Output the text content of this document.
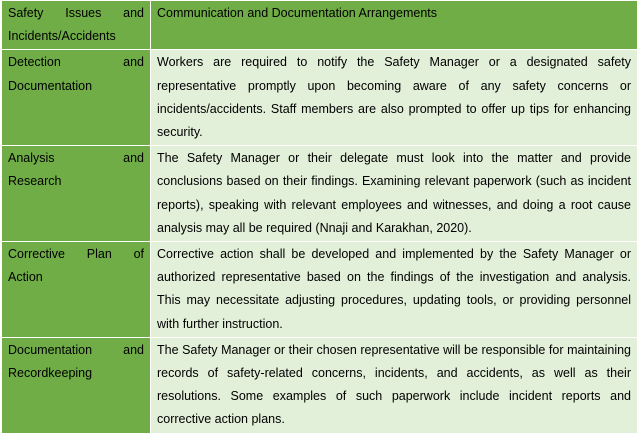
Safety Issues and
Incidents/Accidents	Communication and Documentation Arrangements

Detection and
Documentation	Workers are required to notify the Safety Manager or a designated safety representative promptly upon becoming aware of any safety concerns or incidents/accidents. Staff members are also prompted to offer up tips for enhancing security.

Analysis and
Research	The Safety Manager or their delegate must look into the matter and provide conclusions based on their findings. Examining relevant paperwork (such as incident reports), speaking with relevant employees and witnesses, and doing a root cause analysis may all be required (Nnaji and Karakhan, 2020).

Corrective Plan of
Action	Corrective action shall be developed and implemented by the Safety Manager or authorized representative based on the findings of the investigation and analysis. This may necessitate adjusting procedures, updating tools, or providing personnel with further instruction.

Documentation and
Recordkeeping	The Safety Manager or their chosen representative will be responsible for maintaining records of safety-related concerns, incidents, and accidents, as well as their resolutions. Some examples of such paperwork include incident reports and corrective action plans.
